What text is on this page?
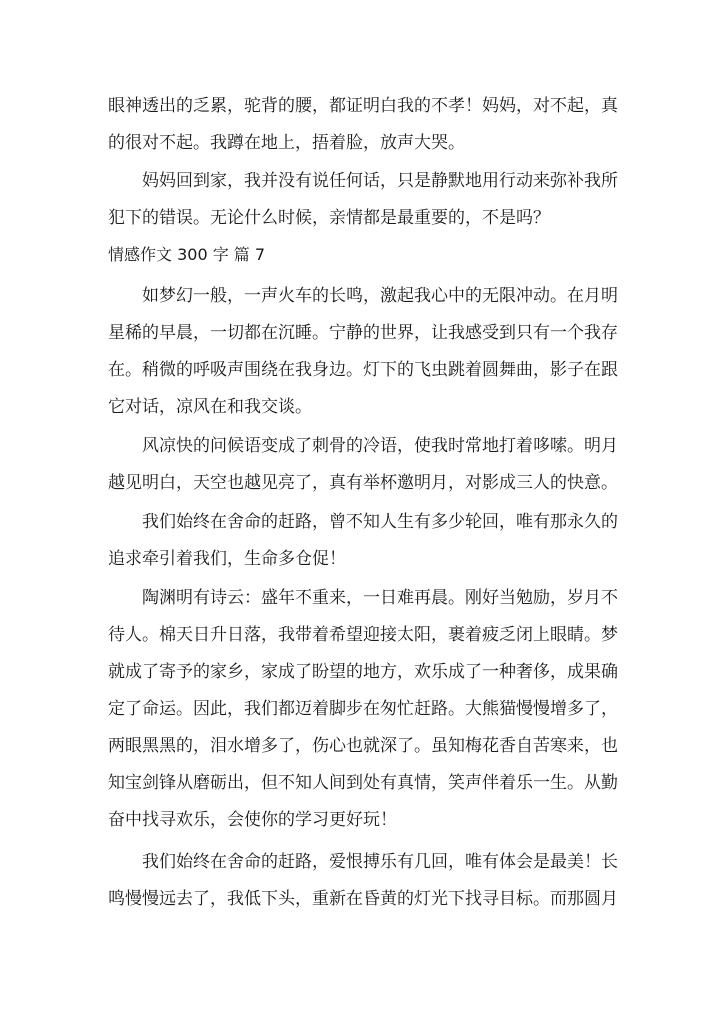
眼 神 透 出 的 乏 累 ， 驼 背 的 腰 ， 都 证 明 白 我 的 不 孝 ！ 妈 妈 ， 对 不 起 ， 真
的很对不起。我蹲在地上，捂着脸，放声大哭。

妈 妈 回 到 家 ， 我 并 没 有 说 任 何 话 ， 只 是 静 默 地 用 行 动 来 弥 补 我 所
犯下的错误。无论什么时候，亲情都是最重要的，不是吗？
情感作文 300 字 篇 7

如 梦 幻 一 般 ， 一 声 火 车 的 长 鸣 ， 激 起 我 心 中 的 无 限 冲 动 。 在 月 明
星 稀 的 早 晨 ， 一 切 都 在 沉 睡 。 宁 静 的 世 界 ， 让 我 感 受 到 只 有 一 个 我 存
在 。 稍 微 的 呼 吸 声 围 绕 在 我 身 边 。 灯 下 的 飞 虫 跳 着 圆 舞 曲 ， 影 子 在 跟
它对话，凉风在和我交谈。

风 凉 快 的 问 候 语 变 成 了 刺 骨 的 冷 语 ， 使 我 时 常 地 打 着 哆 嗦 。 明 月
越 见 明 白 ， 天 空 也 越 见 亮 了 ， 真 有 举 杯 邀 明 月 ， 对 影 成 三 人 的 快 意 。

我 们 始 终 在 舍 命 的 赶 路 ， 曾 不 知 人 生 有 多 少 轮 回 ， 唯 有 那 永 久 的
追求牵引着我们，生命多仓促！

陶 渊 明 有 诗 云 ： 盛 年 不 重 来 ， 一 日 难 再 晨 。 刚 好 当 勉 励 ， 岁 月 不
待 人 。 棉 天 日 升 日 落 ， 我 带 着 希 望 迎 接 太 阳 ， 裹 着 疲 乏 闭 上 眼 睛 。 梦
就 成 了 寄 予 的 家 乡 ， 家 成 了 盼 望 的 地 方 ， 欢 乐 成 了 一 种 奢 侈 ， 成 果 确
定 了 命 运 。 因 此 ， 我 们 都 迈 着 脚 步 在 匆 忙 赶 路 。 大 熊 猫 慢 慢 增 多 了 ，
两 眼 黑 黑 的 ， 泪 水 增 多 了 ， 伤 心 也 就 深 了 。 虽 知 梅 花 香 自 苦 寒 来 ， 也
知 宝 剑 锋 从 磨 砺 出 ， 但 不 知 人 间 到 处 有 真 情 ， 笑 声 伴 着 乐 一 生 。 从 勤
奋中找寻欢乐，会使你的学习更好玩！

我 们 始 终 在 舍 命 的 赶 路 ， 爱 恨 搏 乐 有 几 回 ， 唯 有 体 会 是 最 美 ！ 长
鸣 慢 慢 远 去 了 ， 我 低 下 头 ， 重 新 在 昏 黄 的 灯 光 下 找 寻 目 标 。 而 那 圆 月
